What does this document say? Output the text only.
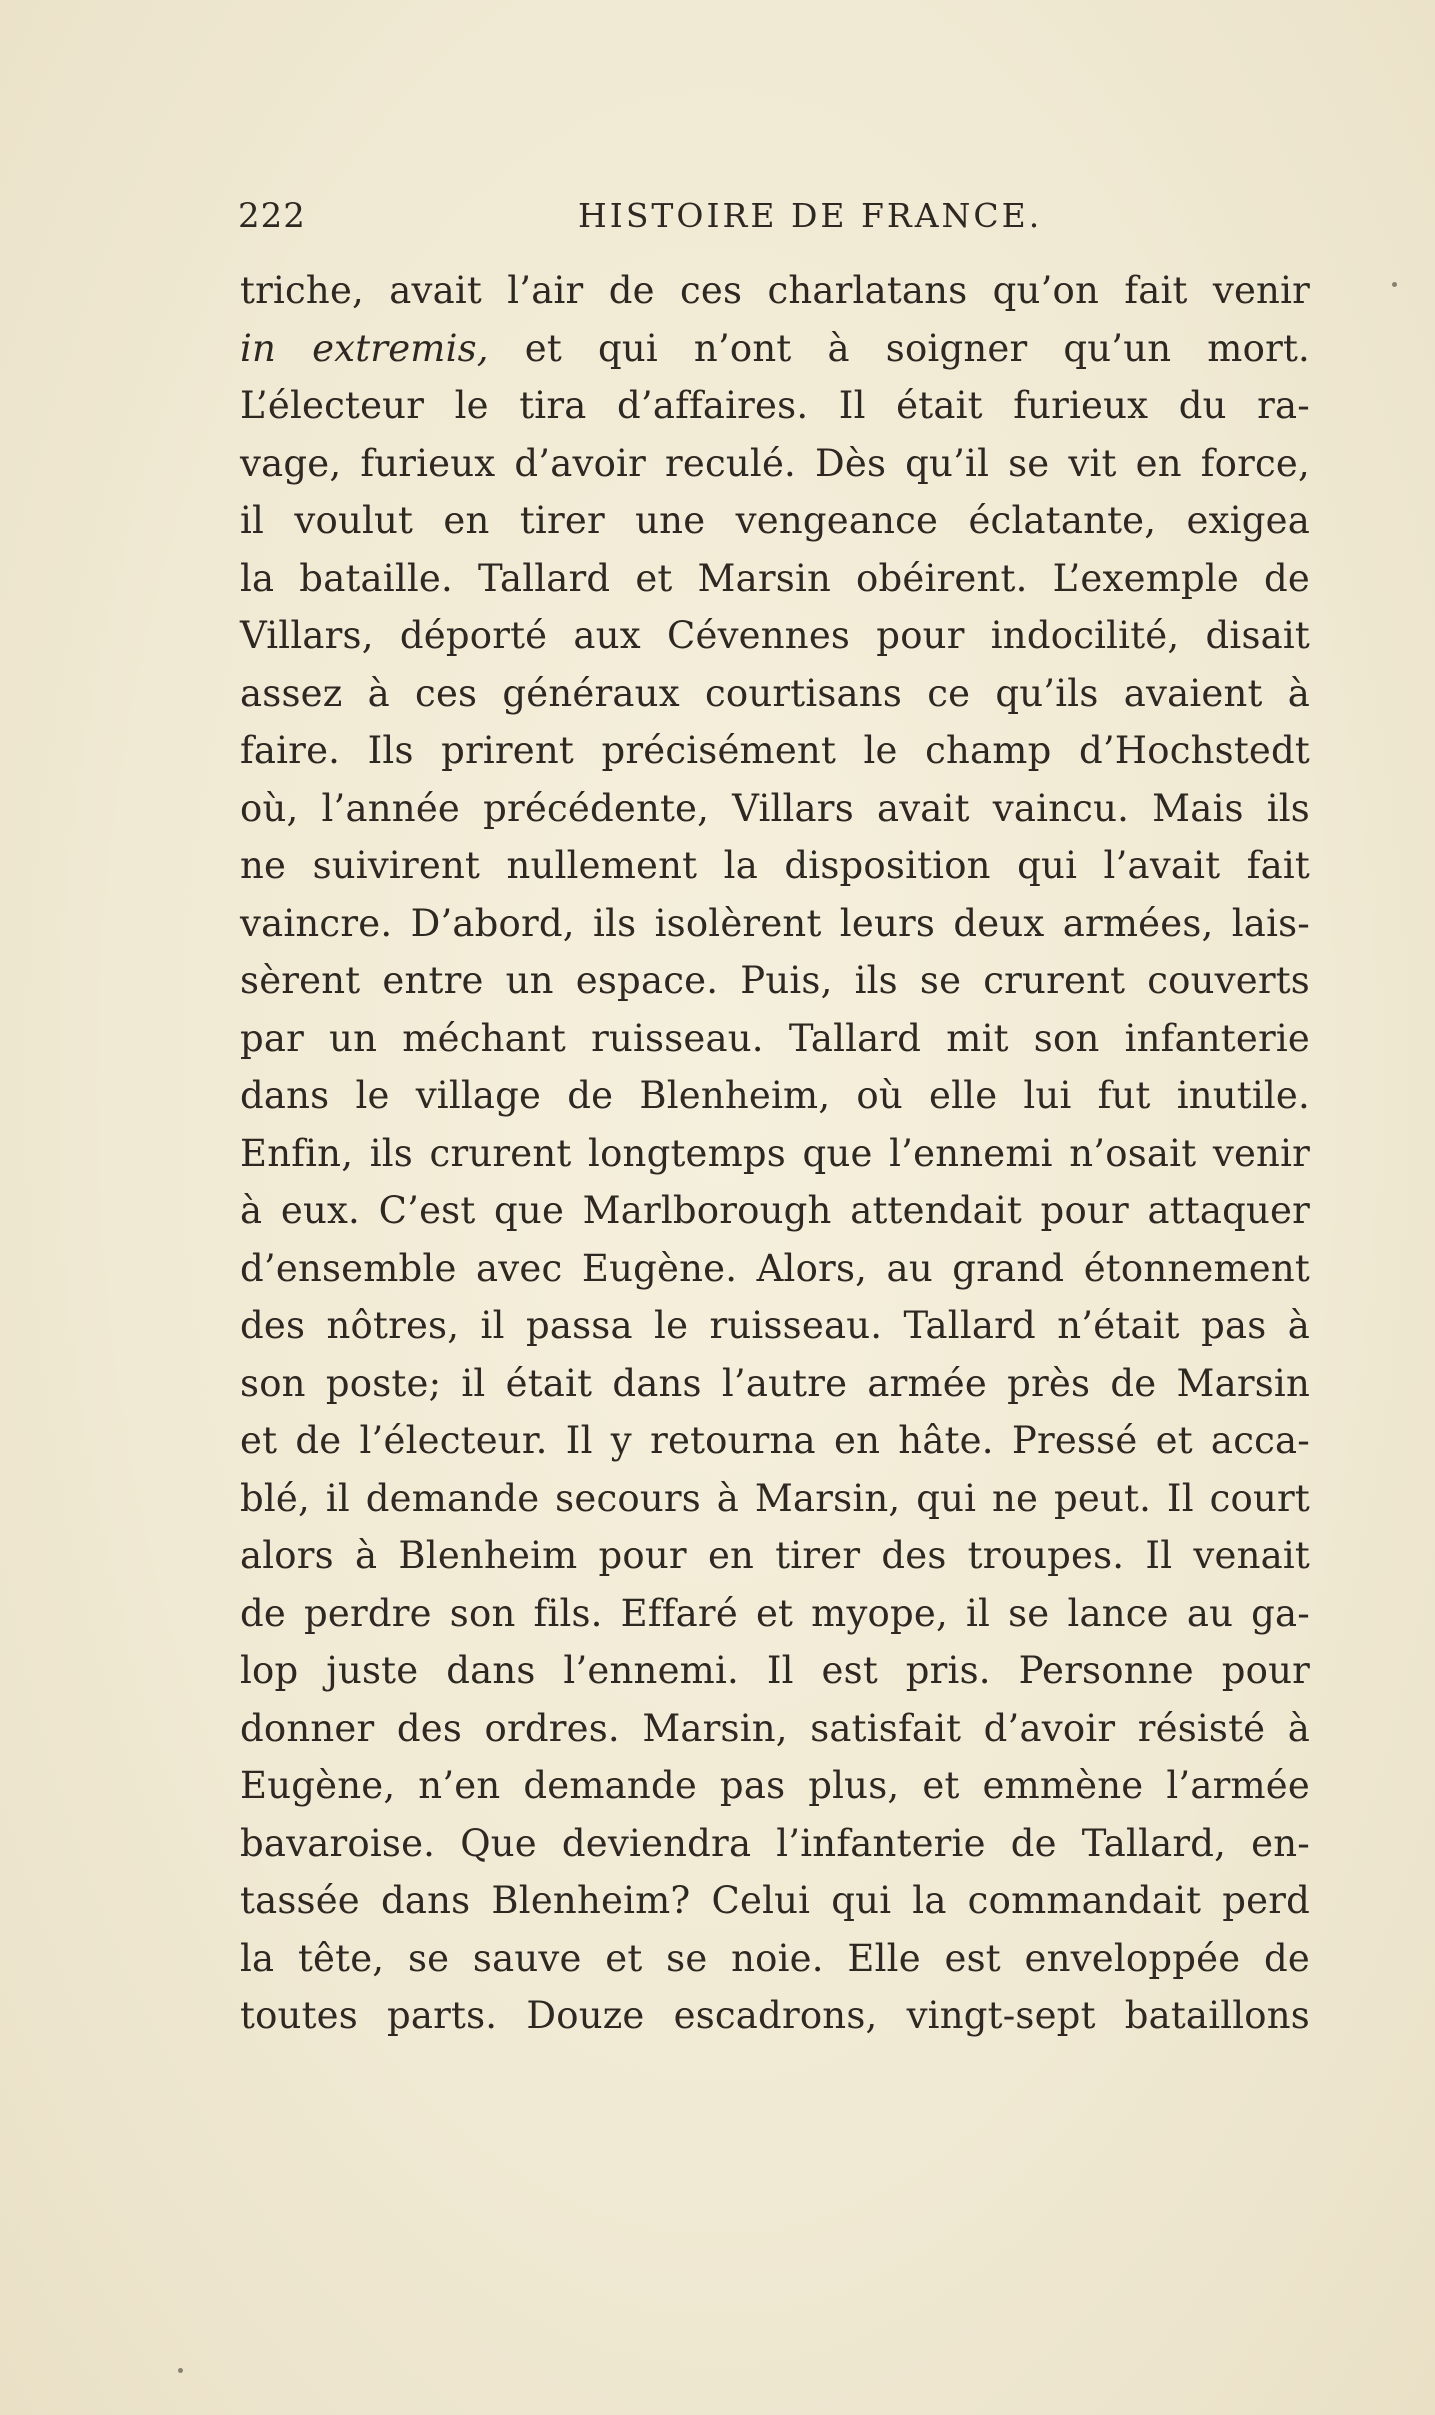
222	HISTOIRE DE FRANCE.
triche, avait l’air de ces charlatans qu’on fait venir
in extremis, et qui n’ont à soigner qu’un mort.
L’électeur le tira d’affaires. Il était furieux du ra-
vage, furieux d’avoir reculé. Dès qu’il se vit en force,
il voulut en tirer une vengeance éclatante, exigea
la bataille. Tallard et Marsin obéirent. L’exemple de
Villars, déporté aux Cévennes pour indocilité, disait
assez à ces généraux courtisans ce qu’ils avaient à
faire. Ils prirent précisément le champ d’Hochstedt
où, l’année précédente, Villars avait vaincu. Mais ils
ne suivirent nullement la disposition qui l’avait fait
vaincre. D’abord, ils isolèrent leurs deux armées, lais-
sèrent entre un espace. Puis, ils se crurent couverts
par un méchant ruisseau. Tallard mit son infanterie
dans le village de Blenheim, où elle lui fut inutile.
Enfin, ils crurent longtemps que l’ennemi n’osait venir
à eux. C’est que Marlborough attendait pour attaquer
d’ensemble avec Eugène. Alors, au grand étonnement
des nôtres, il passa le ruisseau. Tallard n’était pas à
son poste; il était dans l’autre armée près de Marsin
et de l’électeur. Il y retourna en hâte. Pressé et acca-
blé, il demande secours à Marsin, qui ne peut. Il court
alors à Blenheim pour en tirer des troupes. Il venait
de perdre son fils. Effaré et myope, il se lance au ga-
lop juste dans l’ennemi. Il est pris. Personne pour
donner des ordres. Marsin, satisfait d’avoir résisté à
Eugène, n’en demande pas plus, et emmène l’armée
bavaroise. Que deviendra l’infanterie de Tallard, en-
tassée dans Blenheim? Celui qui la commandait perd
la tête, se sauve et se noie. Elle est enveloppée de
toutes parts. Douze escadrons, vingt-sept bataillons
